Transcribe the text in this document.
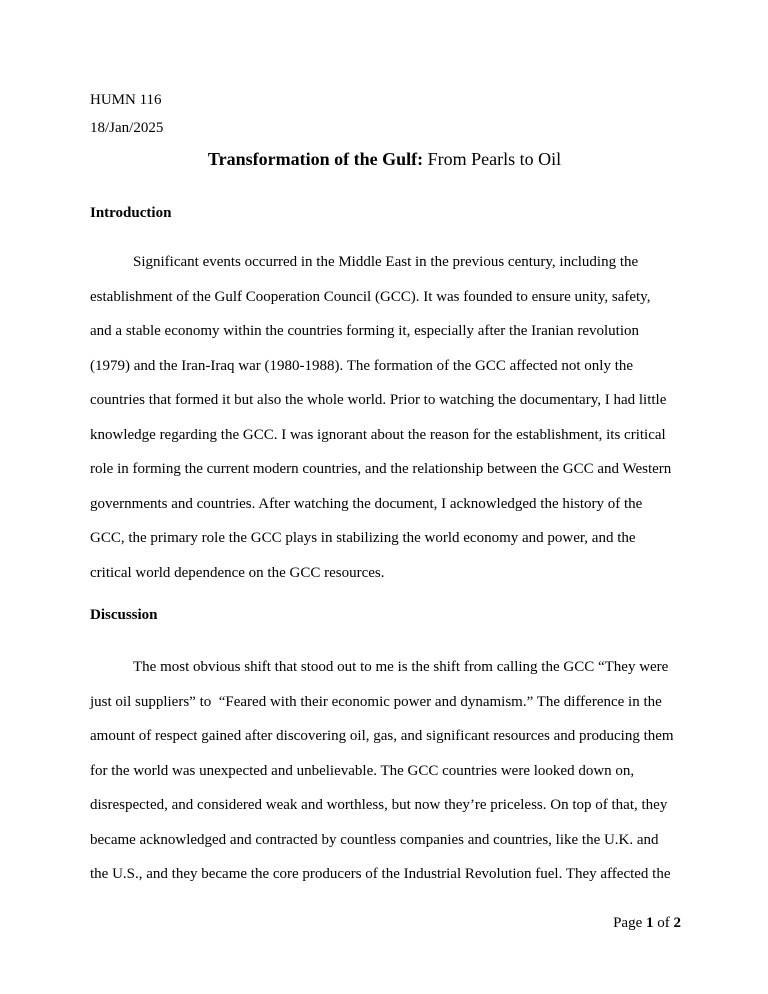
HUMN 116
18/Jan/2025
Transformation of the Gulf: From Pearls to Oil
Introduction
Significant events occurred in the Middle East in the previous century, including the
establishment of the Gulf Cooperation Council (GCC). It was founded to ensure unity, safety,
and a stable economy within the countries forming it, especially after the Iranian revolution
(1979) and the Iran-Iraq war (1980-1988). The formation of the GCC affected not only the
countries that formed it but also the whole world. Prior to watching the documentary, I had little
knowledge regarding the GCC. I was ignorant about the reason for the establishment, its critical
role in forming the current modern countries, and the relationship between the GCC and Western
governments and countries. After watching the document, I acknowledged the history of the
GCC, the primary role the GCC plays in stabilizing the world economy and power, and the
critical world dependence on the GCC resources.
Discussion
The most obvious shift that stood out to me is the shift from calling the GCC “They were
just oil suppliers” to  “Feared with their economic power and dynamism.” The difference in the
amount of respect gained after discovering oil, gas, and significant resources and producing them
for the world was unexpected and unbelievable. The GCC countries were looked down on,
disrespected, and considered weak and worthless, but now they’re priceless. On top of that, they
became acknowledged and contracted by countless companies and countries, like the U.K. and
the U.S., and they became the core producers of the Industrial Revolution fuel. They affected the
Page 1 of 2
